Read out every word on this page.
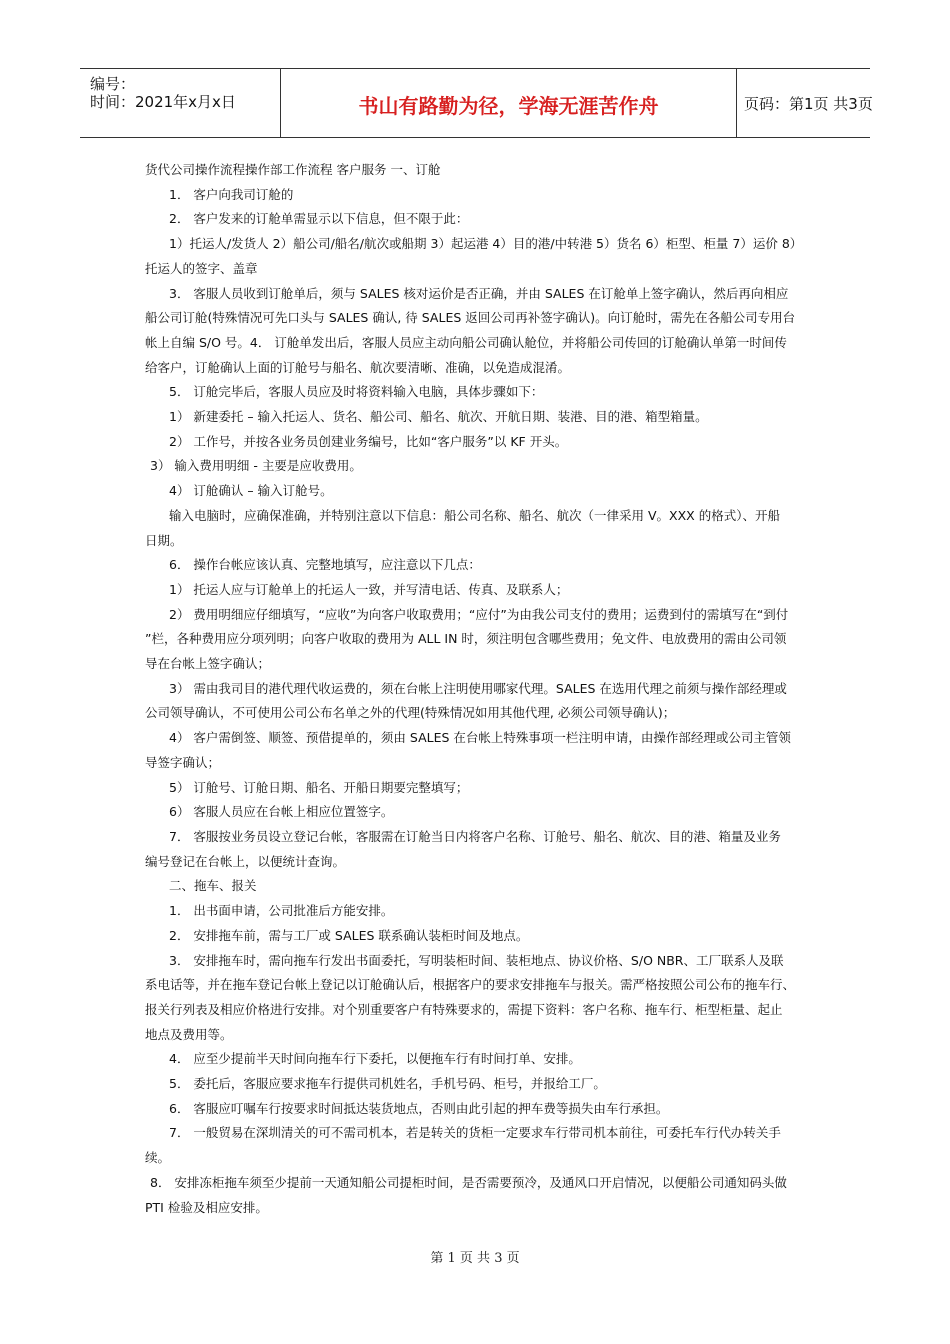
编号：
时间：2021年x月x日	书山有路勤为径，学海无涯苦作舟	页码：第1页 共3页

货代公司操作流程操作部工作流程 客户服务 一、订舱

1． 客户向我司订舱的

2． 客户发来的订舱单需显示以下信息，但不限于此：

1）托运人/发货人 2）船公司/船名/航次或船期 3）起运港 4）目的港/中转港 5）货名 6）柜型、柜量 7）运价 8）

托运人的签字、盖章

3． 客服人员收到订舱单后，须与 SALES 核对运价是否正确，并由 SALES 在订舱单上签字确认，然后再向相应

船公司订舱(特殊情况可先口头与 SALES 确认, 待 SALES 返回公司再补签字确认)。向订舱时，需先在各船公司专用台

帐上自编 S/O 号。4． 订舱单发出后，客服人员应主动向船公司确认舱位，并将船公司传回的订舱确认单第一时间传

给客户，订舱确认上面的订舱号与船名、航次要清晰、准确，以免造成混淆。

5． 订舱完毕后，客服人员应及时将资料输入电脑，具体步骤如下：

1） 新建委托 – 输入托运人、货名、船公司、船名、航次、开航日期、装港、目的港、箱型箱量。

2） 工作号，并按各业务员创建业务编号，比如“客户服务”以 KF 开头。

3） 输入费用明细 - 主要是应收费用。

4） 订舱确认 – 输入订舱号。

输入电脑时，应确保准确，并特别注意以下信息：船公司名称、船名、航次（一律采用 V。XXX 的格式）、开船

日期。

6． 操作台帐应该认真、完整地填写，应注意以下几点：

1） 托运人应与订舱单上的托运人一致，并写清电话、传真、及联系人；

2） 费用明细应仔细填写，“应收”为向客户收取费用；“应付”为由我公司支付的费用；运费到付的需填写在“到付

”栏，各种费用应分项列明；向客户收取的费用为 ALL IN 时，须注明包含哪些费用；免文件、电放费用的需由公司领

导在台帐上签字确认；

3） 需由我司目的港代理代收运费的，须在台帐上注明使用哪家代理。SALES 在选用代理之前须与操作部经理或

公司领导确认，不可使用公司公布名单之外的代理(特殊情况如用其他代理, 必须公司领导确认)；

4） 客户需倒签、顺签、预借提单的，须由 SALES 在台帐上特殊事项一栏注明申请，由操作部经理或公司主管领

导签字确认；

5） 订舱号、订舱日期、船名、开船日期要完整填写；

6） 客服人员应在台帐上相应位置签字。

7． 客服按业务员设立登记台帐，客服需在订舱当日内将客户名称、订舱号、船名、航次、目的港、箱量及业务

编号登记在台帐上，以便统计查询。

二、拖车、报关

1． 出书面申请，公司批准后方能安排。

2． 安排拖车前，需与工厂或 SALES 联系确认装柜时间及地点。

3． 安排拖车时，需向拖车行发出书面委托，写明装柜时间、装柜地点、协议价格、S/O NBR、工厂联系人及联

系电话等，并在拖车登记台帐上登记以订舱确认后，根据客户的要求安排拖车与报关。需严格按照公司公布的拖车行、

报关行列表及相应价格进行安排。对个别重要客户有特殊要求的，需提下资料：客户名称、拖车行、柜型柜量、起止

地点及费用等。

4． 应至少提前半天时间向拖车行下委托，以便拖车行有时间打单、安排。

5． 委托后，客服应要求拖车行提供司机姓名，手机号码、柜号，并报给工厂。

6． 客服应叮嘱车行按要求时间抵达装货地点，否则由此引起的押车费等损失由车行承担。

7． 一般贸易在深圳清关的可不需司机本，若是转关的货柜一定要求车行带司机本前往，可委托车行代办转关手

续。

8． 安排冻柜拖车须至少提前一天通知船公司提柜时间，是否需要预冷，及通风口开启情况，以便船公司通知码头做

PTI 检验及相应安排。

第 1 页 共 3 页
